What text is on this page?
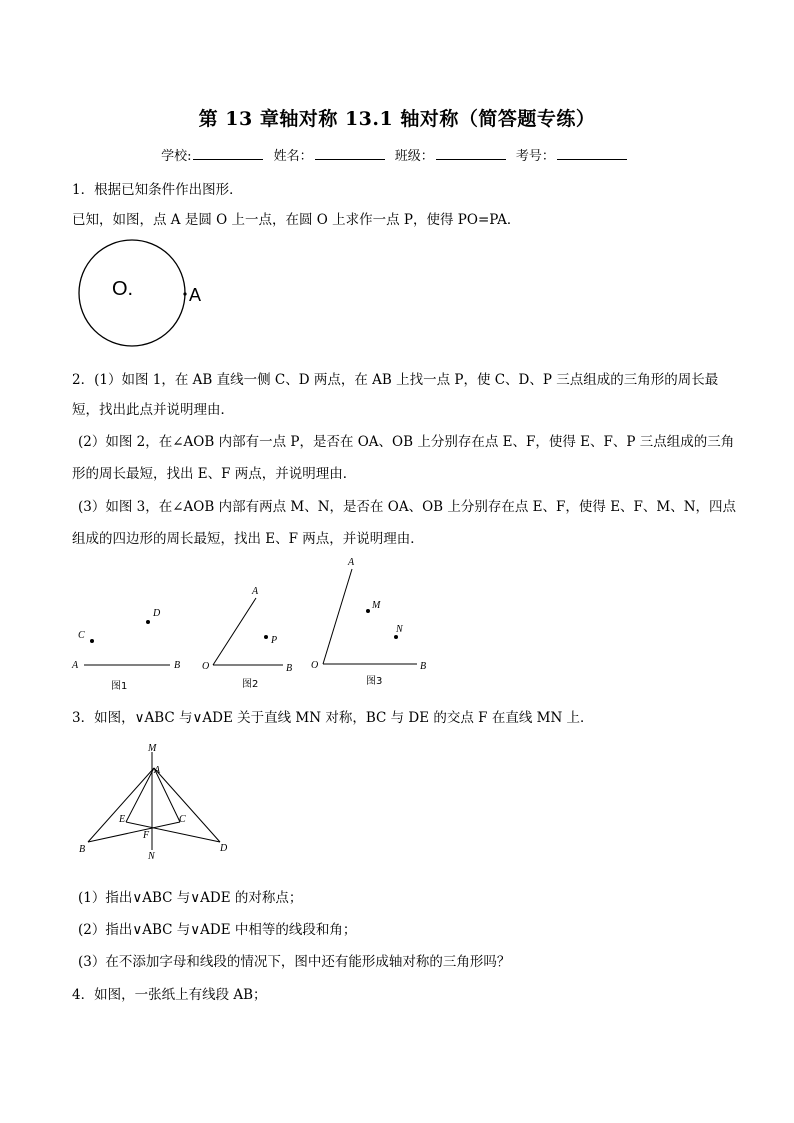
第 13 章轴对称 13.1 轴对称（简答题专练）
学校:	姓名：	班级：	考号：
1．根据已知条件作出图形．
已知，如图，点 A 是圆 O 上一点，在圆 O 上求作一点 P，使得 PO=PA．
O.	A
2．(1）如图 1，在 AB 直线一侧 C、D 两点，在 AB 上找一点 P，使 C、D、P 三点组成的三角形的周长最
短，找出此点并说明理由．
(2）如图 2，在∠AOB 内部有一点 P，是否在 OA、OB 上分别存在点 E、F，使得 E、F、P 三点组成的三角
形的周长最短，找出 E、F 两点，并说明理由．
(3）如图 3，在∠AOB 内部有两点 M、N，是否在 OA、OB 上分别存在点 E、F，使得 E、F、M、N，四点
组成的四边形的周长最短，找出 E、F 两点，并说明理由．
A	B
C
D
图1
O
A
B
P
图2
A
O	B
M
N
图3
3．如图，∨ABC 与∨ADE 关于直线 MN 对称，BC 与 DE 的交点 F 在直线 MN 上．
M
A
E	C
F
B
N
D
(1）指出∨ABC 与∨ADE 的对称点；
(2）指出∨ABC 与∨ADE 中相等的线段和角；
(3）在不添加字母和线段的情况下，图中还有能形成轴对称的三角形吗？
4．如图，一张纸上有线段 AB；
